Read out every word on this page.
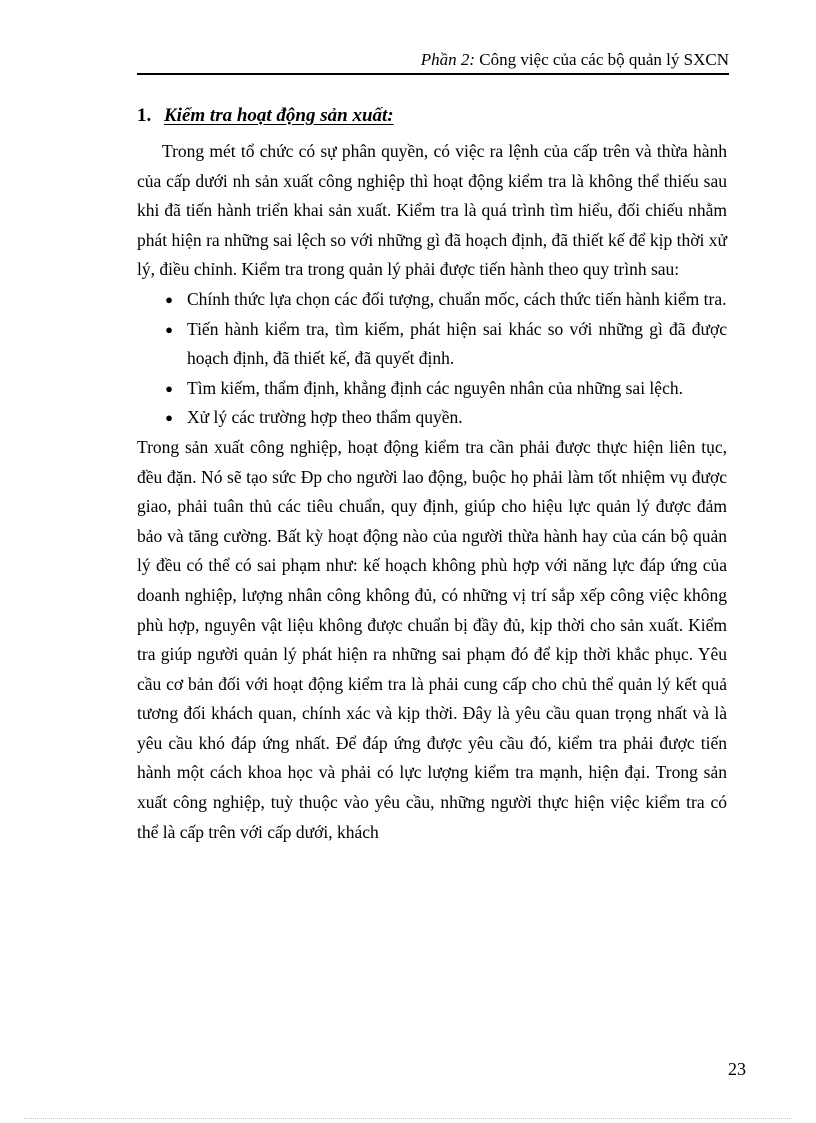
Phần 2: Công việc của các bộ quản lý SXCN
1. Kiểm tra hoạt động sản xuất:

Trong mét tổ chức có sự phân quyền, có việc ra lệnh của cấp trên và thừa hành của cấp dưới nh sản xuất công nghiệp thì hoạt động kiểm tra là không thể thiếu sau khi đã tiến hành triển khai sản xuất. Kiểm tra là quá trình tìm hiểu, đối chiếu nhằm phát hiện ra những sai lệch so với những gì đã hoạch định, đã thiết kế để kịp thời xử lý, điều chỉnh. Kiểm tra trong quản lý phải được tiến hành theo quy trình sau:

● Chính thức lựa chọn các đối tượng, chuẩn mốc, cách thức tiến hành kiểm tra.
● Tiến hành kiểm tra, tìm kiếm, phát hiện sai khác so với những gì đã được hoạch định, đã thiết kế, đã quyết định.
● Tìm kiếm, thẩm định, khẳng định các nguyên nhân của những sai lệch.
● Xử lý các trường hợp theo thẩm quyền.

Trong sản xuất công nghiệp, hoạt động kiểm tra cần phải được thực hiện liên tục, đều đặn. Nó sẽ tạo sức Ðp cho người lao động, buộc họ phải làm tốt nhiệm vụ được giao, phải tuân thủ các tiêu chuẩn, quy định, giúp cho hiệu lực quản lý được đảm bảo và tăng cường. Bất kỳ hoạt động nào của người thừa hành hay của cán bộ quản lý đều có thể có sai phạm như: kế hoạch không phù hợp với năng lực đáp ứng của doanh nghiệp, lượng nhân công không đủ, có những vị trí sắp xếp công việc không phù hợp, nguyên vật liệu không được chuẩn bị đầy đủ, kịp thời cho sản xuất. Kiểm tra giúp người quản lý phát hiện ra những sai phạm đó để kịp thời khắc phục. Yêu cầu cơ bản đối với hoạt động kiểm tra là phải cung cấp cho chủ thể quản lý kết quả tương đối khách quan, chính xác và kịp thời. Đây là yêu cầu quan trọng nhất và là yêu cầu khó đáp ứng nhất. Để đáp ứng được yêu cầu đó, kiểm tra phải được tiến hành một cách khoa học và phải có lực lượng kiểm tra mạnh, hiện đại. Trong sản xuất công nghiệp, tuỳ thuộc vào yêu cầu, những người thực hiện việc kiểm tra có thể là cấp trên với cấp dưới, khách

23
